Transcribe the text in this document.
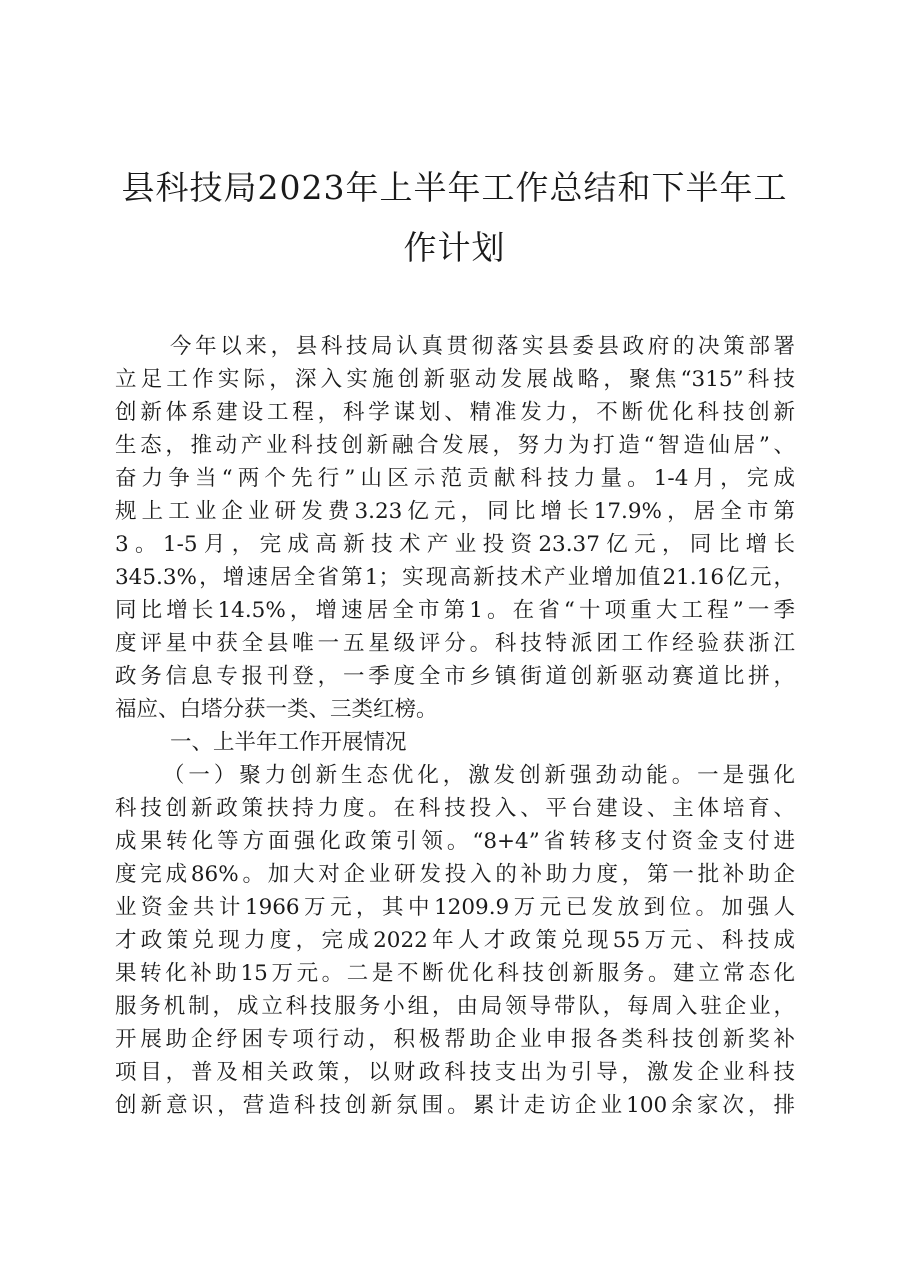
县科技局2023年上半年工作总结和下半年工
作计划
今年以来，县科技局认真贯彻落实县委县政府的决策部署
立足工作实际，深入实施创新驱动发展战略，聚焦“315”科技
创新体系建设工程，科学谋划、精准发力，不断优化科技创新
生态，推动产业科技创新融合发展，努力为打造“智造仙居”、
奋力争当“两个先行”山区示范贡献科技力量。1-4月，完成
规上工业企业研发费3.23亿元，同比增长17.9%，居全市第
3。1-5月，完成高新技术产业投资23.37亿元，同比增长
345.3%，增速居全省第1；实现高新技术产业增加值21.16亿元，
同比增长14.5%，增速居全市第1。在省“十项重大工程”一季
度评星中获全县唯一五星级评分。科技特派团工作经验获浙江
政务信息专报刊登，一季度全市乡镇街道创新驱动赛道比拼，
福应、白塔分获一类、三类红榜。
一、上半年工作开展情况
（一）聚力创新生态优化，激发创新强劲动能。一是强化
科技创新政策扶持力度。在科技投入、平台建设、主体培育、
成果转化等方面强化政策引领。“8+4”省转移支付资金支付进
度完成86%。加大对企业研发投入的补助力度，第一批补助企
业资金共计1966万元，其中1209.9万元已发放到位。加强人
才政策兑现力度，完成2022年人才政策兑现55万元、科技成
果转化补助15万元。二是不断优化科技创新服务。建立常态化
服务机制，成立科技服务小组，由局领导带队，每周入驻企业，
开展助企纾困专项行动，积极帮助企业申报各类科技创新奖补
项目，普及相关政策，以财政科技支出为引导，激发企业科技
创新意识，营造科技创新氛围。累计走访企业100余家次，排
